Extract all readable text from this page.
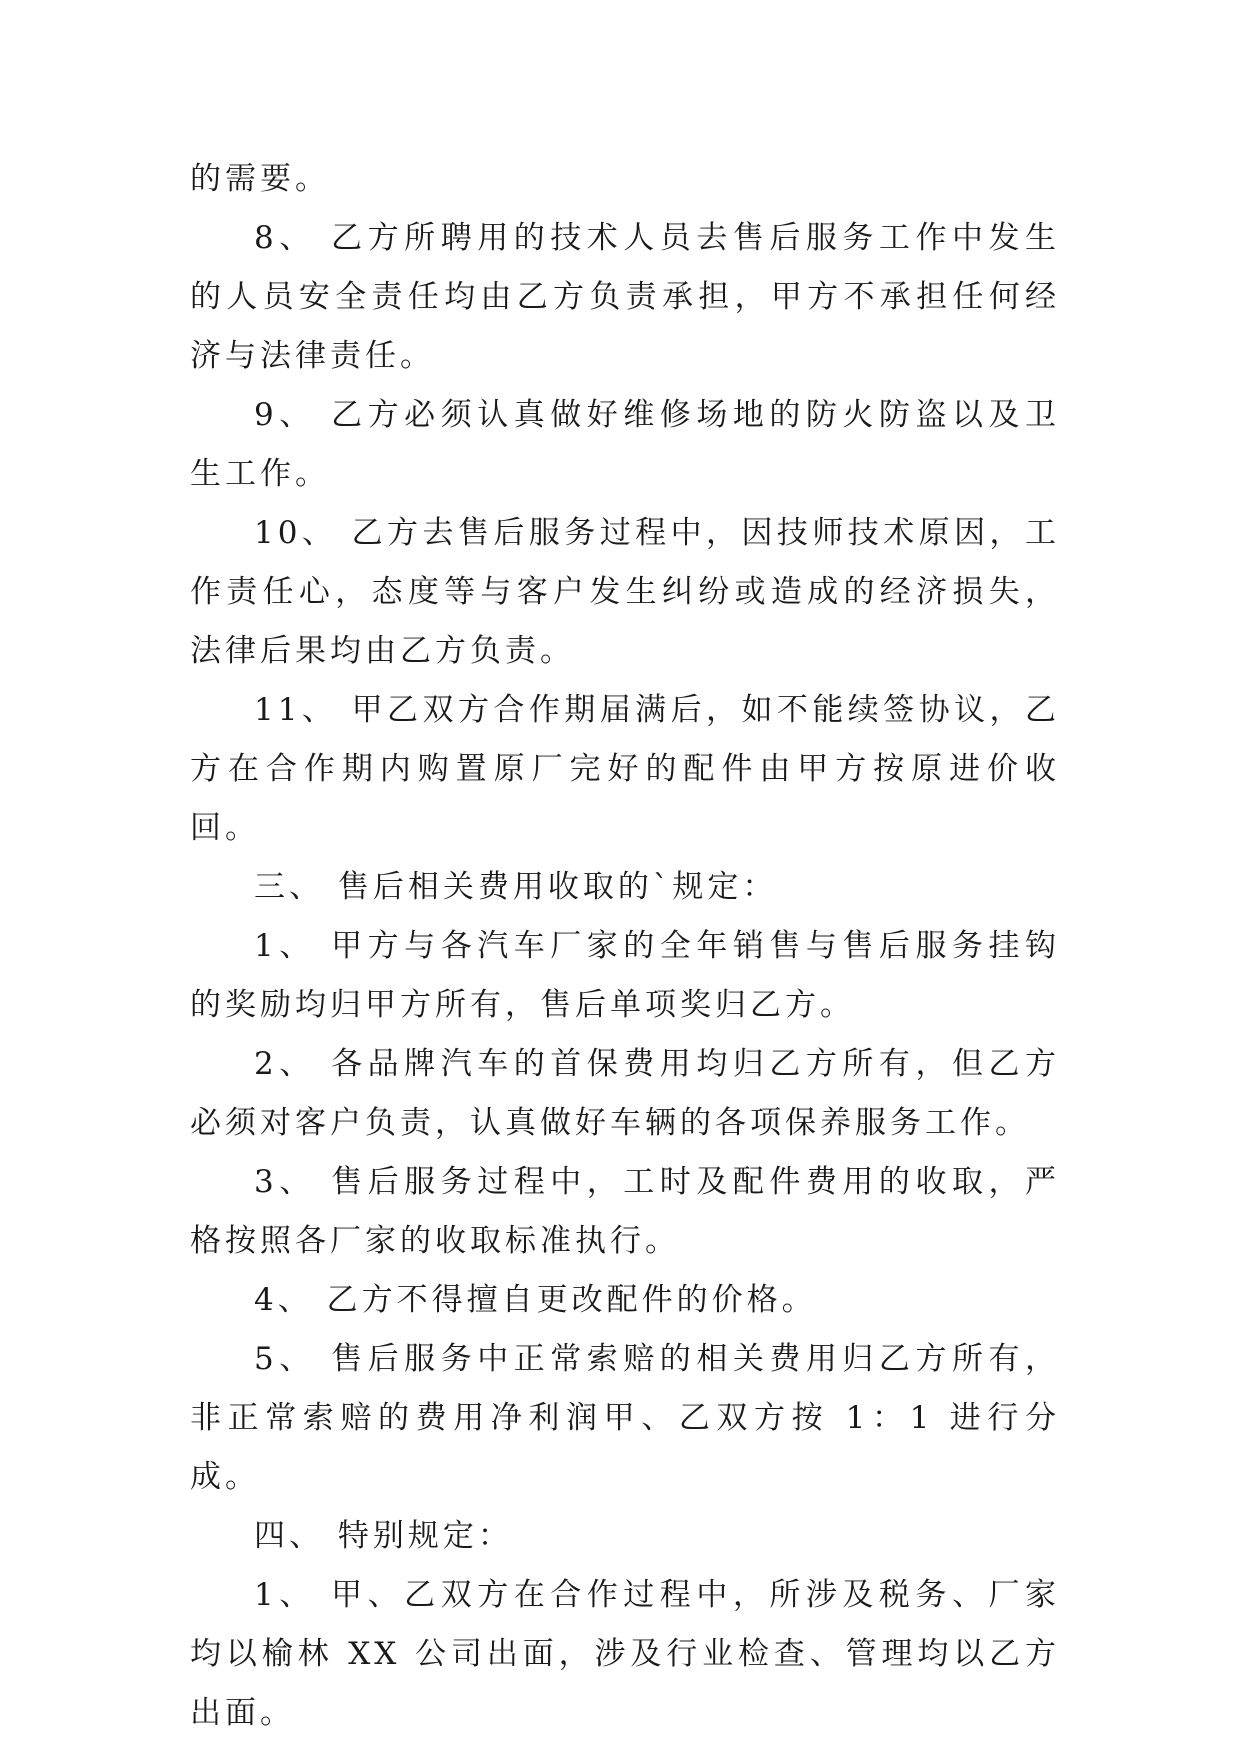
的需要。

8、 乙方所聘用的技术人员去售后服务工作中发生的人员安全责任均由乙方负责承担，甲方不承担任何经济与法律责任。

9、 乙方必须认真做好维修场地的防火防盗以及卫生工作。

10、 乙方去售后服务过程中，因技师技术原因，工作责任心，态度等与客户发生纠纷或造成的经济损失，法律后果均由乙方负责。

11、 甲乙双方合作期届满后，如不能续签协议，乙方在合作期内购置原厂完好的配件由甲方按原进价收回。

三、 售后相关费用收取的`规定：

1、 甲方与各汽车厂家的全年销售与售后服务挂钩的奖励均归甲方所有，售后单项奖归乙方。

2、 各品牌汽车的首保费用均归乙方所有，但乙方必须对客户负责，认真做好车辆的各项保养服务工作。

3、 售后服务过程中，工时及配件费用的收取，严格按照各厂家的收取标准执行。

4、 乙方不得擅自更改配件的价格。

5、 售后服务中正常索赔的相关费用归乙方所有，非正常索赔的费用净利润甲、乙双方按 1：1 进行分成。

四、 特别规定：

1、 甲、乙双方在合作过程中，所涉及税务、厂家均以榆林 XX 公司出面，涉及行业检查、管理均以乙方出面。
